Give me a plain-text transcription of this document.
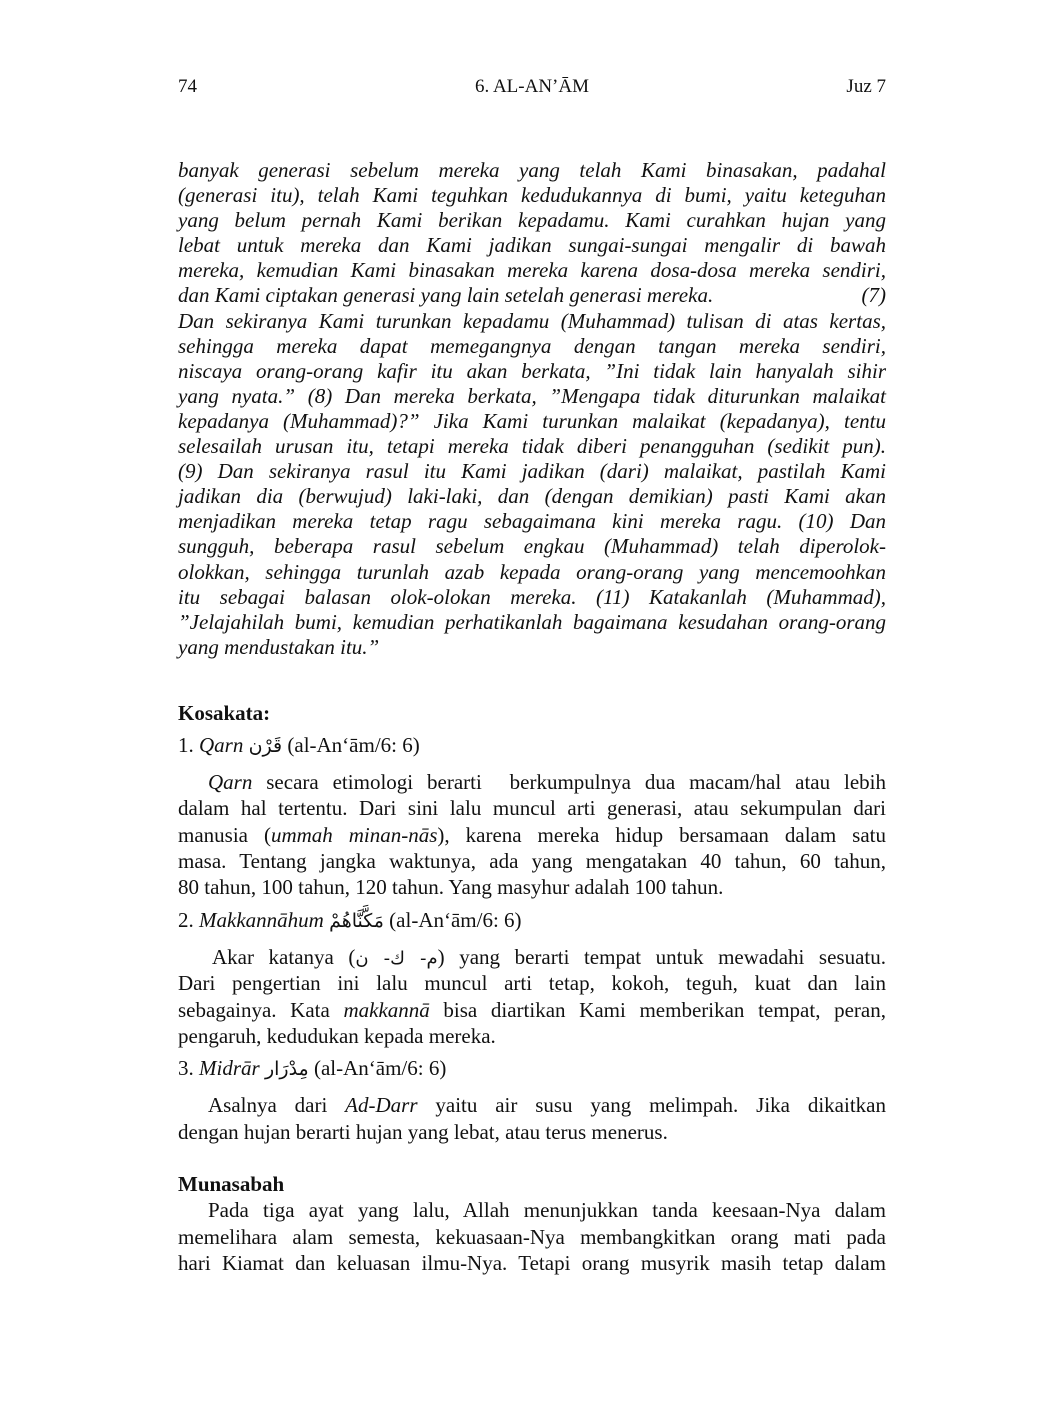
74	6. AL-AN’ĀM	Juz 7
banyak generasi sebelum mereka yang telah Kami binasakan, padahal
(generasi itu), telah Kami teguhkan kedudukannya di bumi, yaitu keteguhan
yang belum pernah Kami berikan kepadamu. Kami curahkan hujan yang
lebat untuk mereka dan Kami jadikan sungai-sungai mengalir di bawah
mereka, kemudian Kami binasakan mereka karena dosa-dosa mereka sendiri,
dan Kami ciptakan generasi yang lain setelah generasi mereka.	(7)
Dan sekiranya Kami turunkan kepadamu (Muhammad) tulisan di atas kertas,
sehingga mereka dapat memegangnya dengan tangan mereka sendiri,
niscaya orang-orang kafir itu akan berkata, ”Ini tidak lain hanyalah sihir
yang nyata.” (8) Dan mereka berkata, ”Mengapa tidak diturunkan malaikat
kepadanya (Muhammad)?” Jika Kami turunkan malaikat (kepadanya), tentu
selesailah urusan itu, tetapi mereka tidak diberi penangguhan (sedikit pun).
(9) Dan sekiranya rasul itu Kami jadikan (dari) malaikat, pastilah Kami
jadikan dia (berwujud) laki-laki, dan (dengan demikian) pasti Kami akan
menjadikan mereka tetap ragu sebagaimana kini mereka ragu. (10) Dan
sungguh, beberapa rasul sebelum engkau (Muhammad) telah diperolok-
olokkan, sehingga turunlah azab kepada orang-orang yang mencemoohkan
itu sebagai balasan olok-olokan mereka. (11) Katakanlah (Muhammad),
”Jelajahilah bumi, kemudian perhatikanlah bagaimana kesudahan orang-orang
yang mendustakan itu.”
Kosakata:

1. Qarn قَرْن (al-An‘ām/6: 6)

Qarn secara etimologi berarti  berkumpulnya dua macam/hal atau lebih
dalam hal tertentu. Dari sini lalu muncul arti generasi, atau sekumpulan dari
manusia (ummah minan-nās), karena mereka hidup bersamaan dalam satu
masa. Tentang jangka waktunya, ada yang mengatakan 40 tahun, 60 tahun,
80 tahun, 100 tahun, 120 tahun. Yang masyhur adalah 100 tahun.

2. Makkannāhum مَكَّنَّاهُمْ (al-An‘ām/6: 6)

Akar katanya (م- ك- ن) yang berarti tempat untuk mewadahi sesuatu.
Dari pengertian ini lalu muncul arti tetap, kokoh, teguh, kuat dan lain
sebagainya. Kata makkannā bisa diartikan Kami memberikan tempat, peran,
pengaruh, kedudukan kepada mereka.

3. Midrār مِدْرَار (al-An‘ām/6: 6)

Asalnya dari Ad-Darr yaitu air susu yang melimpah. Jika dikaitkan
dengan hujan berarti hujan yang lebat, atau terus menerus.
Munasabah
Pada tiga ayat yang lalu, Allah menunjukkan tanda keesaan-Nya dalam
memelihara alam semesta, kekuasaan-Nya membangkitkan orang mati pada
hari Kiamat dan keluasan ilmu-Nya. Tetapi orang musyrik masih tetap dalam
